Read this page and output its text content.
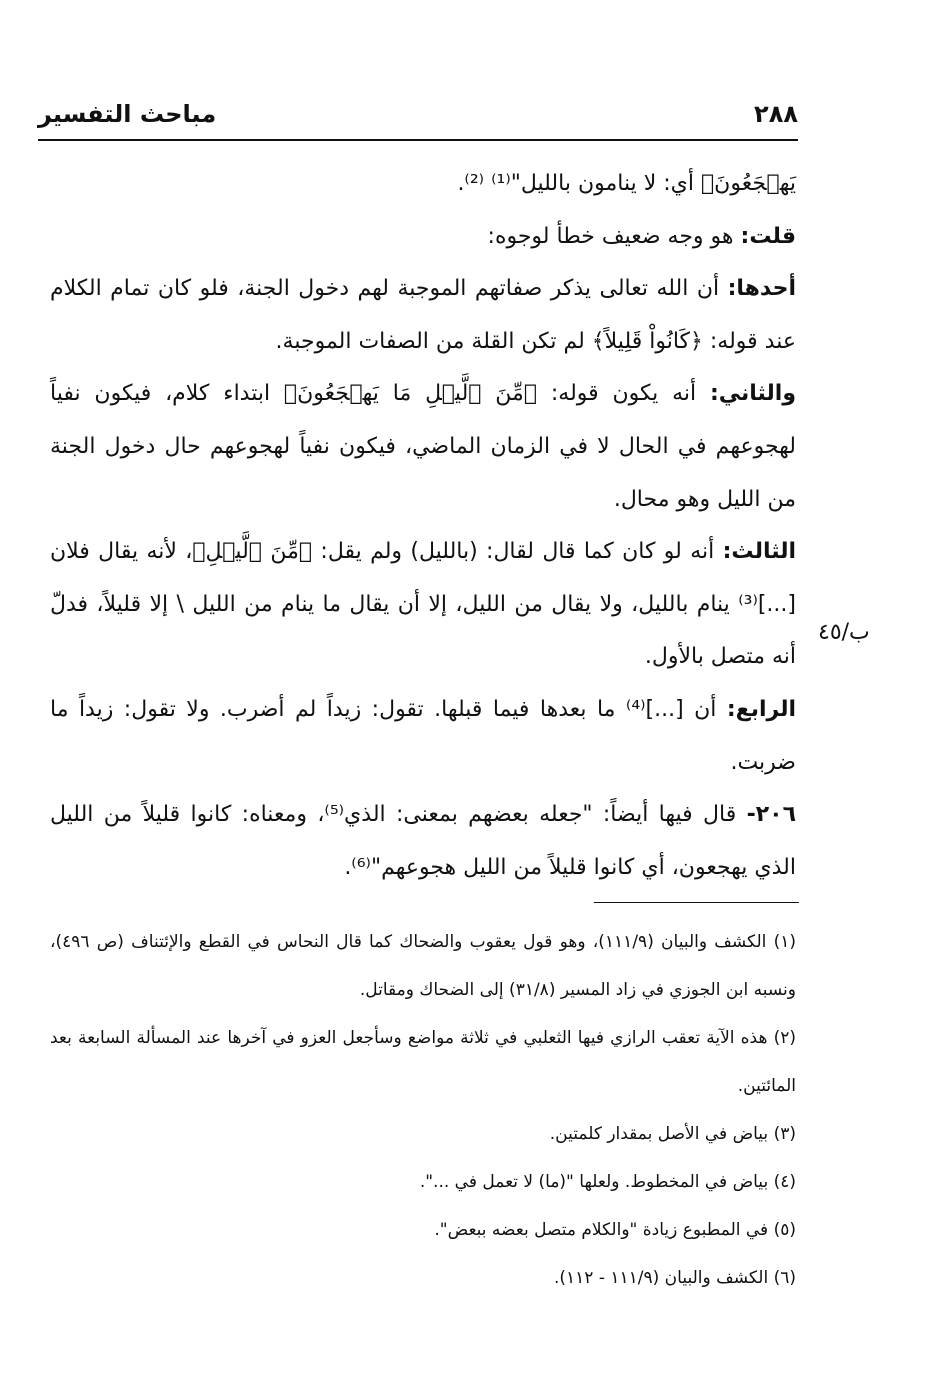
٢٨٨
مباحث التفسير

يَهۡجَعُونَ﴾ أي: لا ينامون بالليل"⁽¹⁾ ⁽²⁾.

قلت: هو وجه ضعيف خطأ لوجوه:

أحدها: أن الله تعالى يذكر صفاتهم الموجبة لهم دخول الجنة، فلو كان تمام الكلام عند قوله: ﴿كَانُواْ قَلِيلاً﴾ لم تكن القلة من الصفات الموجبة.

والثاني: أنه يكون قوله: ﴿مِّنَ ٱلَّيۡلِ مَا يَهۡجَعُونَ﴾ ابتداء كلام، فيكون نفياً لهجوعهم في الحال لا في الزمان الماضي، فيكون نفياً لهجوعهم حال دخول الجنة من الليل وهو محال.

الثالث: أنه لو كان كما قال لقال: (بالليل) ولم يقل: ﴿مِّنَ ٱلَّيۡلِ﴾، لأنه يقال فلان [...]⁽³⁾ ينام بالليل، ولا يقال من الليل، إلا أن يقال ما ينام من الليل \ إلا قليلاً، فدلّ أنه متصل بالأول.

الرابع: أن [...]⁽⁴⁾ ما بعدها فيما قبلها. تقول: زيداً لم أضرب. ولا تقول: زيداً ما ضربت.

٢٠٦- قال فيها أيضاً: "جعله بعضهم بمعنى: الذي⁽⁵⁾، ومعناه: كانوا قليلاً من الليل الذي يهجعون، أي كانوا قليلاً من الليل هجوعهم"⁽⁶⁾.

ب/٤٥

(١) الكشف والبيان (١١١/٩)، وهو قول يعقوب والضحاك كما قال النحاس في القطع والإئتناف (ص ٤٩٦)، ونسبه ابن الجوزي في زاد المسير (٣١/٨) إلى الضحاك ومقاتل.

(٢) هذه الآية تعقب الرازي فيها الثعلبي في ثلاثة مواضع وسأجعل العزو في آخرها عند المسألة السابعة بعد المائتين.

(٣) بياض في الأصل بمقدار كلمتين.

(٤) بياض في المخطوط. ولعلها "(ما) لا تعمل في ...".

(٥) في المطبوع زيادة "والكلام متصل بعضه ببعض".

(٦) الكشف والبيان (١١١/٩ - ١١٢).
